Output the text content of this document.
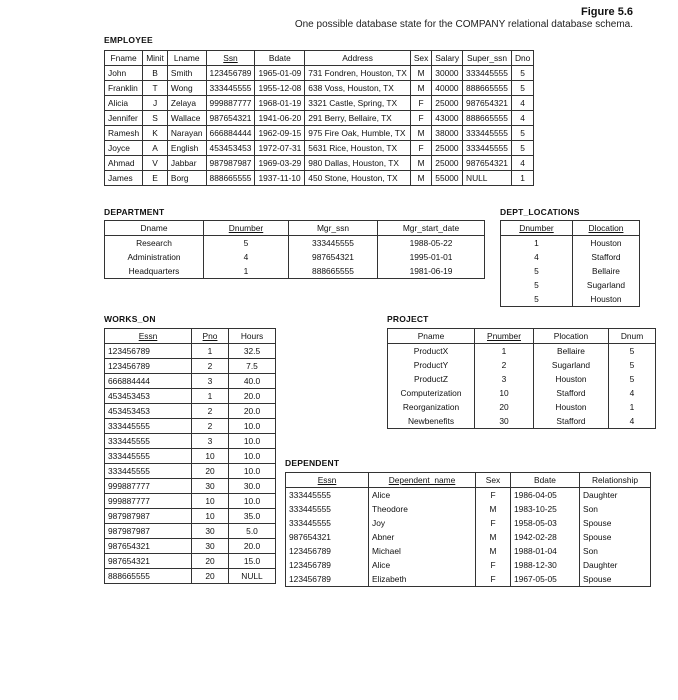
Figure 5.6
One possible database state for the COMPANY relational database schema.
EMPLOYEE
Fname	Minit	Lname	Ssn	Bdate	Address	Sex	Salary	Super_ssn	Dno
John	B	Smith	123456789	1965-01-09	731 Fondren, Houston, TX	M	30000	333445555	5
Franklin	T	Wong	333445555	1955-12-08	638 Voss, Houston, TX	M	40000	888665555	5
Alicia	J	Zelaya	999887777	1968-01-19	3321 Castle, Spring, TX	F	25000	987654321	4
Jennifer	S	Wallace	987654321	1941-06-20	291 Berry, Bellaire, TX	F	43000	888665555	4
Ramesh	K	Narayan	666884444	1962-09-15	975 Fire Oak, Humble, TX	M	38000	333445555	5
Joyce	A	English	453453453	1972-07-31	5631 Rice, Houston, TX	F	25000	333445555	5
Ahmad	V	Jabbar	987987987	1969-03-29	980 Dallas, Houston, TX	M	25000	987654321	4
James	E	Borg	888665555	1937-11-10	450 Stone, Houston, TX	M	55000	NULL	1
DEPARTMENT
Dname	Dnumber	Mgr_ssn	Mgr_start_date
Research	5	333445555	1988-05-22
Administration	4	987654321	1995-01-01
Headquarters	1	888665555	1981-06-19
DEPT_LOCATIONS
Dnumber	Dlocation
1	Houston
4	Stafford
5	Bellaire
5	Sugarland
5	Houston
WORKS_ON
Essn	Pno	Hours
123456789	1	32.5
123456789	2	7.5
666884444	3	40.0
453453453	1	20.0
453453453	2	20.0
333445555	2	10.0
333445555	3	10.0
333445555	10	10.0
333445555	20	10.0
999887777	30	30.0
999887777	10	10.0
987987987	10	35.0
987987987	30	5.0
987654321	30	20.0
987654321	20	15.0
888665555	20	NULL
PROJECT
Pname	Pnumber	Plocation	Dnum
ProductX	1	Bellaire	5
ProductY	2	Sugarland	5
ProductZ	3	Houston	5
Computerization	10	Stafford	4
Reorganization	20	Houston	1
Newbenefits	30	Stafford	4
DEPENDENT
Essn	Dependent_name	Sex	Bdate	Relationship
333445555	Alice	F	1986-04-05	Daughter
333445555	Theodore	M	1983-10-25	Son
333445555	Joy	F	1958-05-03	Spouse
987654321	Abner	M	1942-02-28	Spouse
123456789	Michael	M	1988-01-04	Son
123456789	Alice	F	1988-12-30	Daughter
123456789	Elizabeth	F	1967-05-05	Spouse
